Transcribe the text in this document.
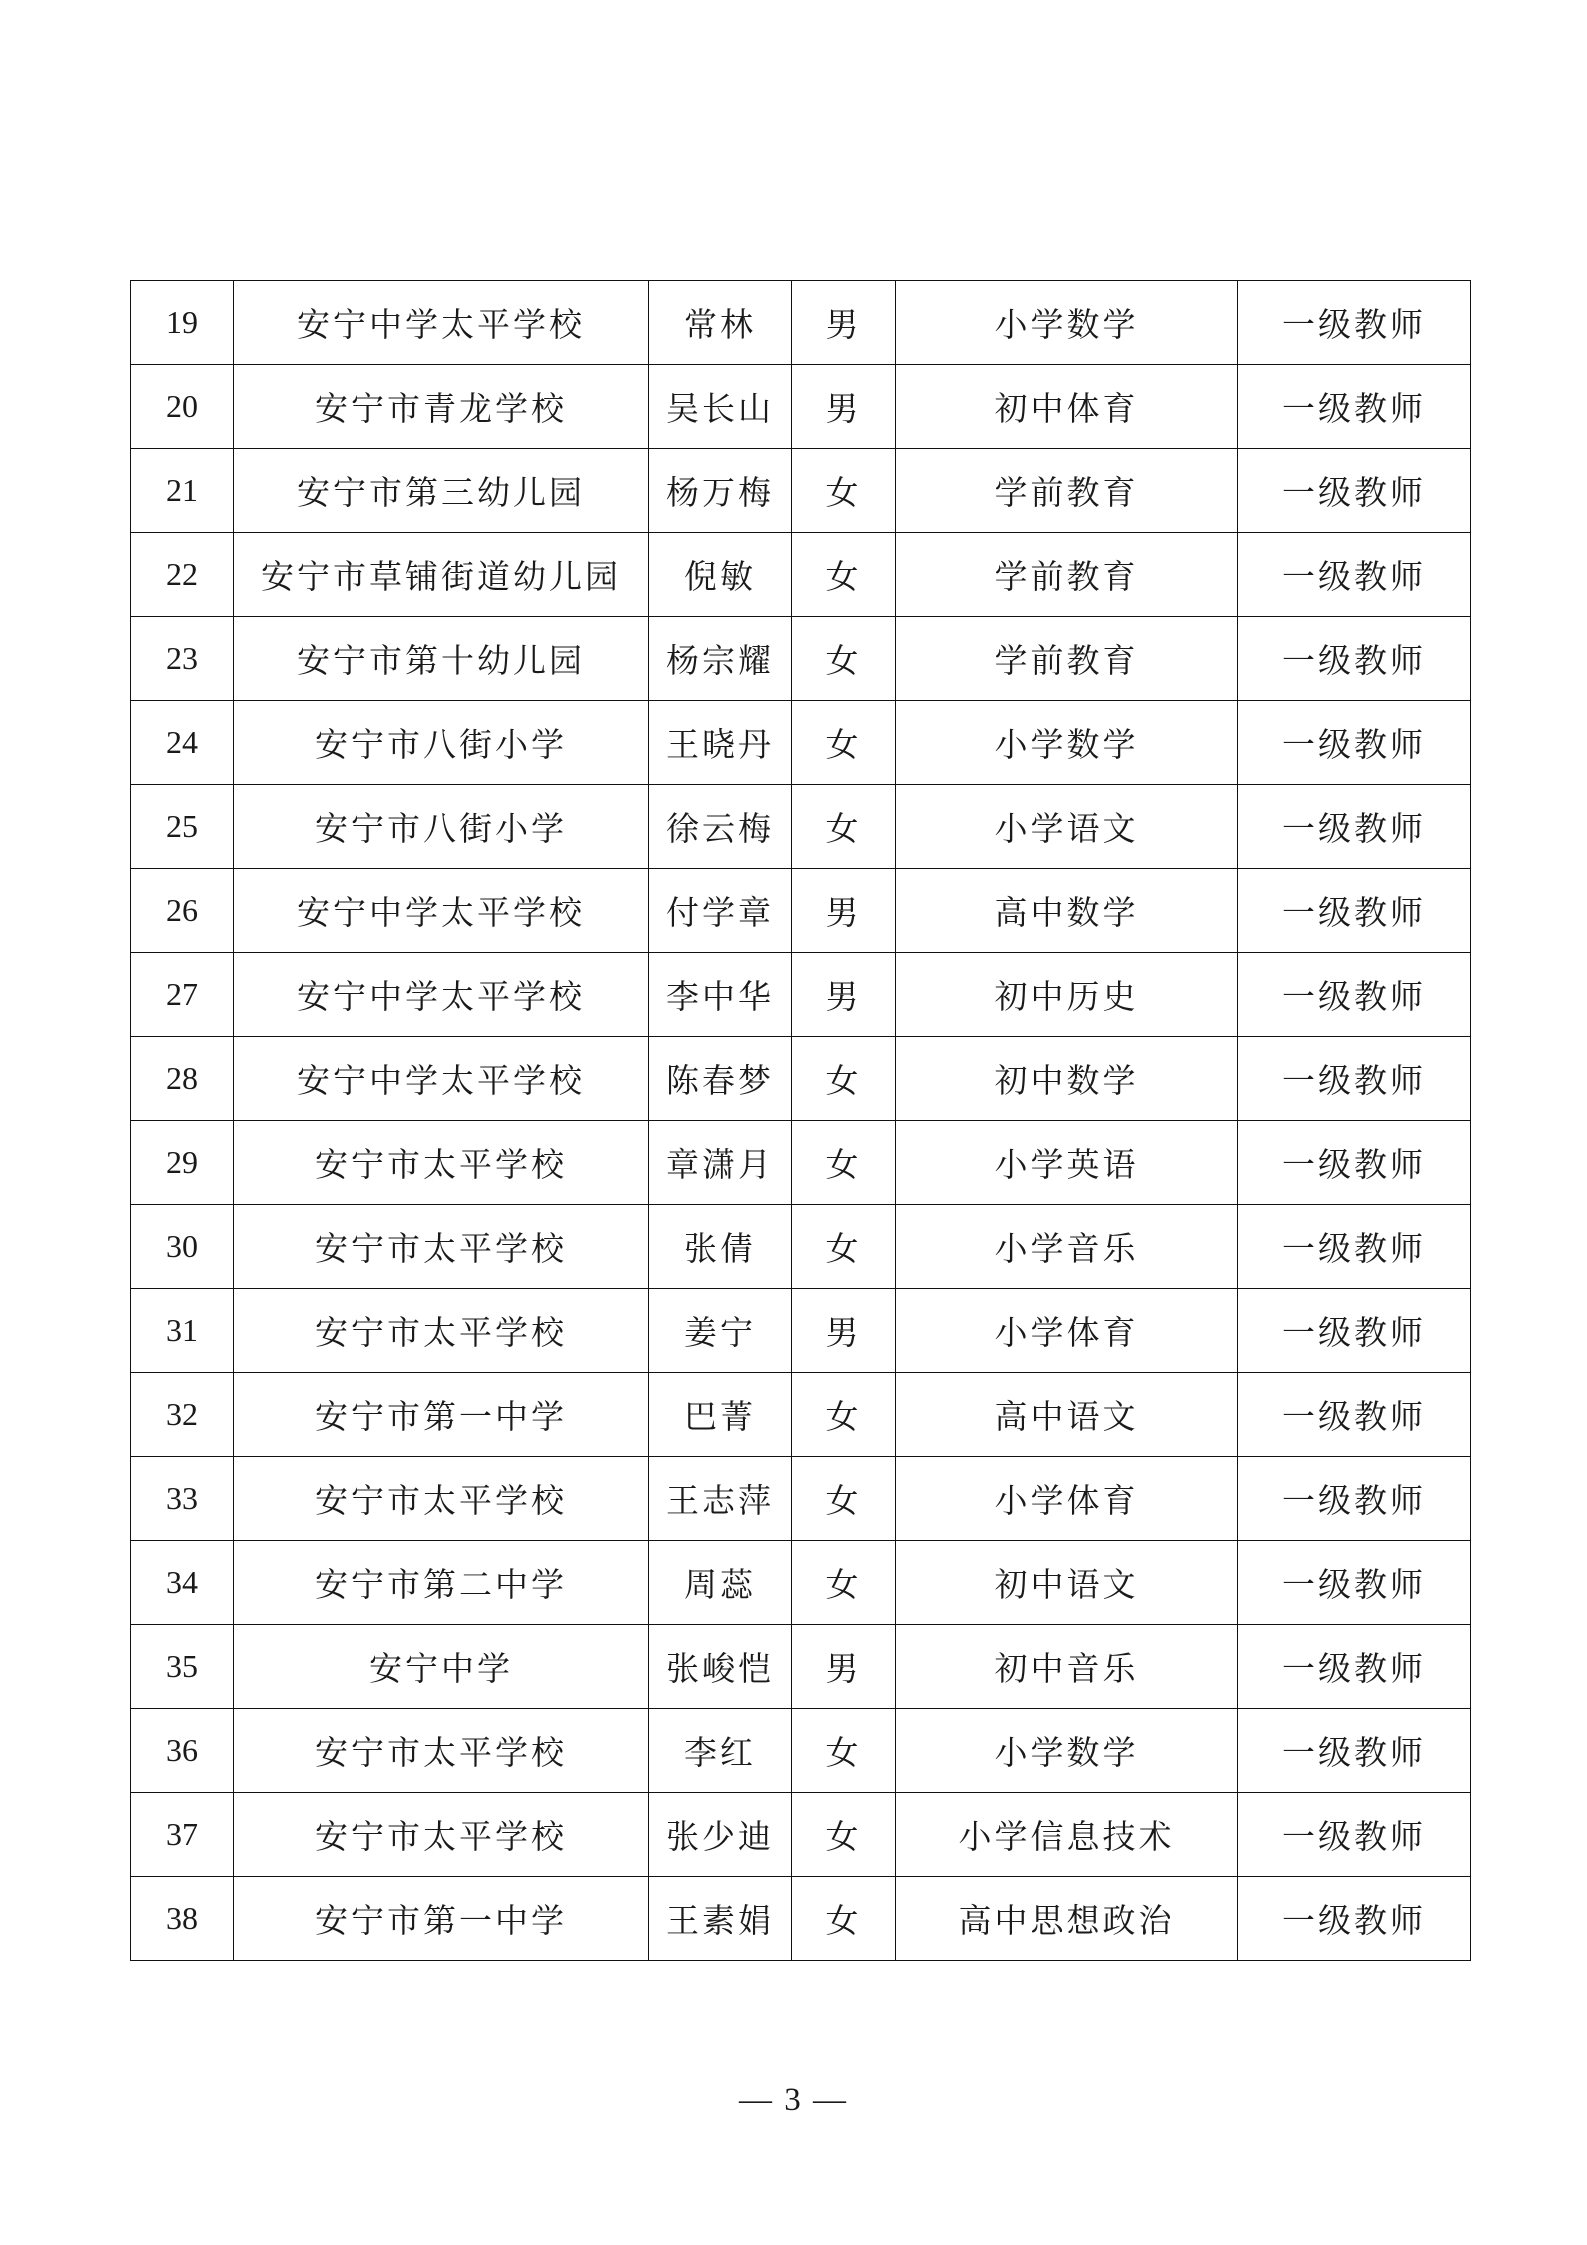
19	安宁中学太平学校	常林	男	小学数学	一级教师
20	安宁市青龙学校	吴长山	男	初中体育	一级教师
21	安宁市第三幼儿园	杨万梅	女	学前教育	一级教师
22	安宁市草铺街道幼儿园	倪敏	女	学前教育	一级教师
23	安宁市第十幼儿园	杨宗耀	女	学前教育	一级教师
24	安宁市八街小学	王晓丹	女	小学数学	一级教师
25	安宁市八街小学	徐云梅	女	小学语文	一级教师
26	安宁中学太平学校	付学章	男	高中数学	一级教师
27	安宁中学太平学校	李中华	男	初中历史	一级教师
28	安宁中学太平学校	陈春梦	女	初中数学	一级教师
29	安宁市太平学校	章潇月	女	小学英语	一级教师
30	安宁市太平学校	张倩	女	小学音乐	一级教师
31	安宁市太平学校	姜宁	男	小学体育	一级教师
32	安宁市第一中学	巴菁	女	高中语文	一级教师
33	安宁市太平学校	王志萍	女	小学体育	一级教师
34	安宁市第二中学	周蕊	女	初中语文	一级教师
35	安宁中学	张峻恺	男	初中音乐	一级教师
36	安宁市太平学校	李红	女	小学数学	一级教师
37	安宁市太平学校	张少迪	女	小学信息技术	一级教师
38	安宁市第一中学	王素娟	女	高中思想政治	一级教师
— 3 —
